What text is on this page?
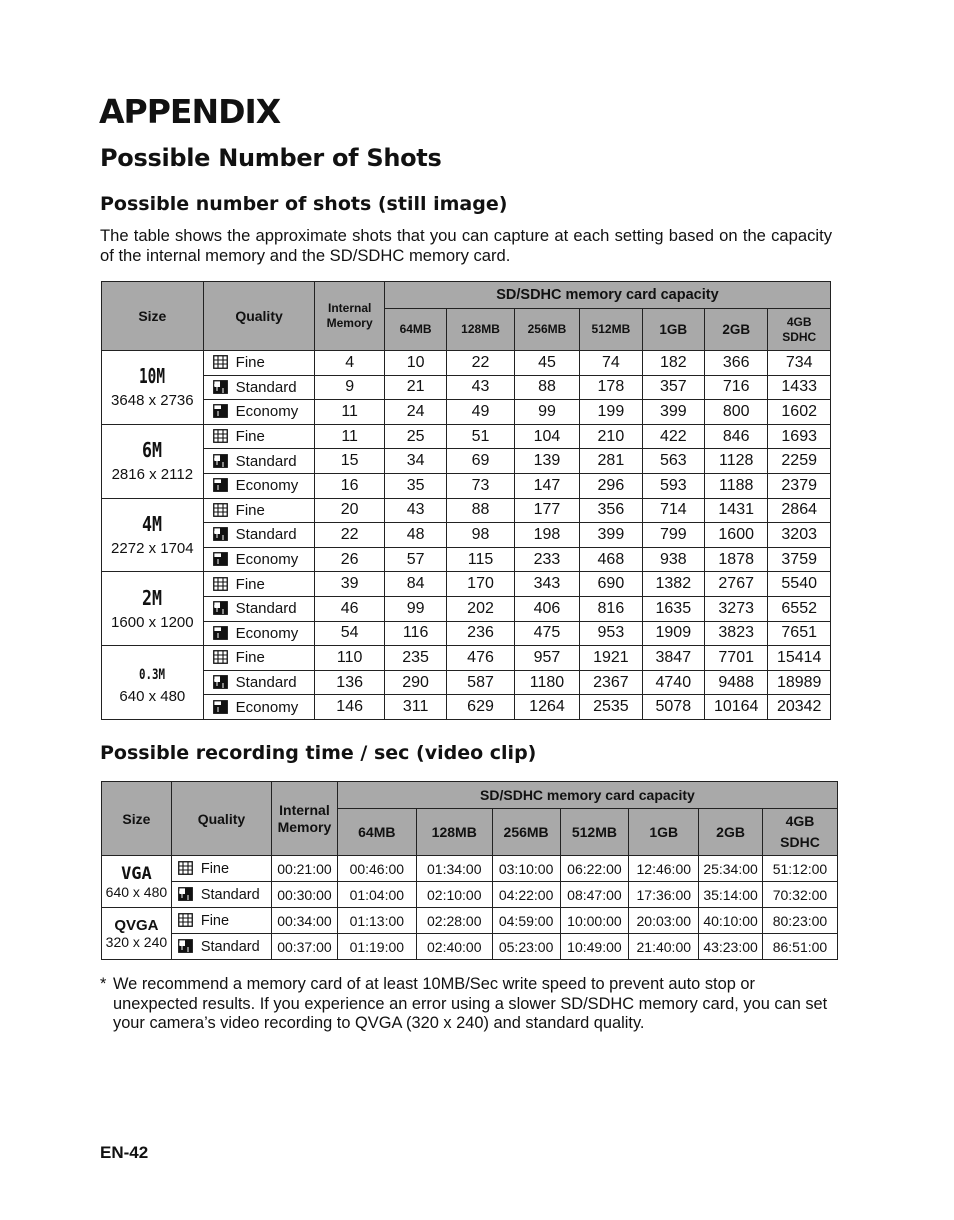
APPENDIX
Possible Number of Shots
Possible number of shots (still image)
The table shows the approximate shots that you can capture at each setting based on the capacity of the internal memory and the SD/SDHC memory card.
Size	Quality	Internal
Memory	SD/SDHC memory card capacity						
			64MB	128MB	256MB	512MB	1GB	2GB	4GB
SDHC

10M
3648 x 2736	Fine	4	10	22	45	74	182	366	734
	Standard	9	21	43	88	178	357	716	1433
	Economy	11	24	49	99	199	399	800	1602

6M
2816 x 2112	Fine	11	25	51	104	210	422	846	1693
	Standard	15	34	69	139	281	563	1128	2259
	Economy	16	35	73	147	296	593	1188	2379

4M
2272 x 1704	Fine	20	43	88	177	356	714	1431	2864
	Standard	22	48	98	198	399	799	1600	3203
	Economy	26	57	115	233	468	938	1878	3759

2M
1600 x 1200	Fine	39	84	170	343	690	1382	2767	5540
	Standard	46	99	202	406	816	1635	3273	6552
	Economy	54	116	236	475	953	1909	3823	7651

0.3M
640 x 480	Fine	110	235	476	957	1921	3847	7701	15414
	Standard	136	290	587	1180	2367	4740	9488	18989
	Economy	146	311	629	1264	2535	5078	10164	20342
Possible recording time / sec (video clip)
Size	Quality	Internal
Memory	SD/SDHC memory card capacity						
			64MB	128MB	256MB	512MB	1GB	2GB	4GB
SDHC

VGA
640 x 480	Fine	00:21:00	00:46:00	01:34:00	03:10:00	06:22:00	12:46:00	25:34:00	51:12:00
	Standard	00:30:00	01:04:00	02:10:00	04:22:00	08:47:00	17:36:00	35:14:00	70:32:00

QVGA
320 x 240	Fine	00:34:00	01:13:00	02:28:00	04:59:00	10:00:00	20:03:00	40:10:00	80:23:00
	Standard	00:37:00	01:19:00	02:40:00	05:23:00	10:49:00	21:40:00	43:23:00	86:51:00
* We recommend a memory card of at least 10MB/Sec write speed to prevent auto stop or unexpected results. If you experience an error using a slower SD/SDHC memory card, you can set your camera’s video recording to QVGA (320 x 240) and standard quality.
EN-42
